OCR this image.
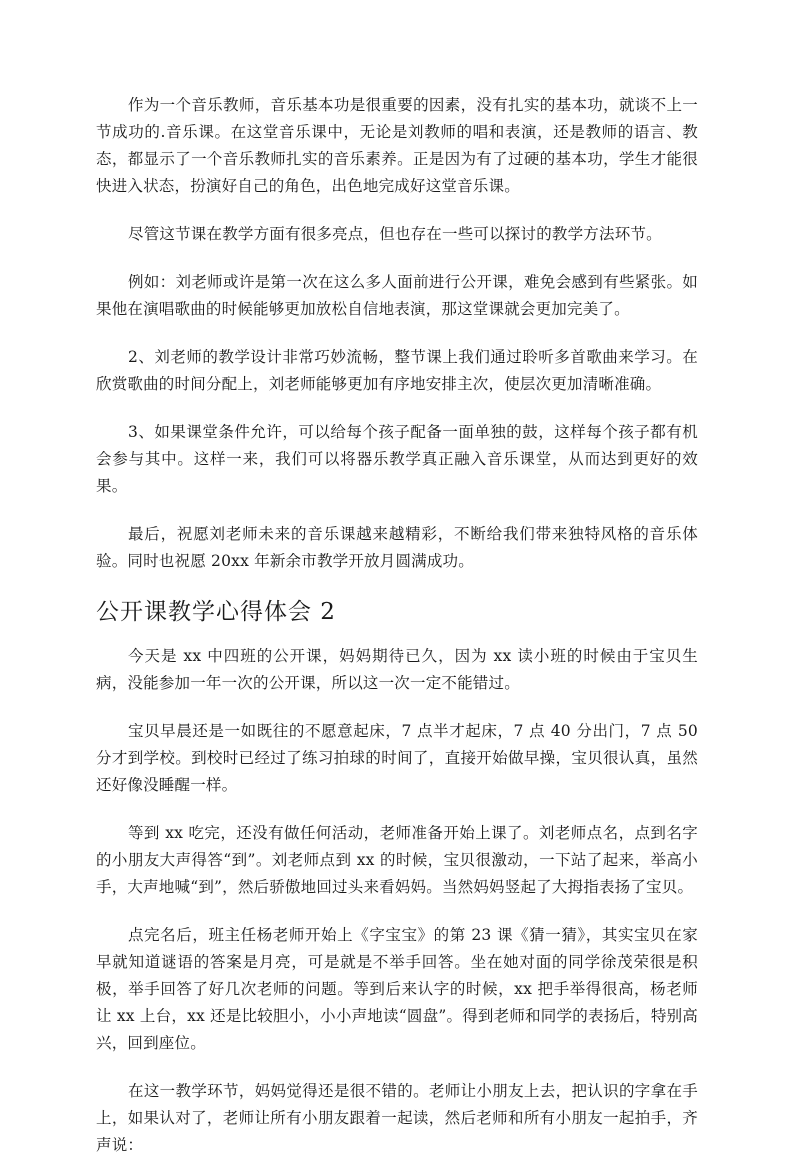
作为一个音乐教师，音乐基本功是很重要的因素，没有扎实的基本功，就谈不上一节成功的.音乐课。在这堂音乐课中，无论是刘教师的唱和表演，还是教师的语言、教态，都显示了一个音乐教师扎实的音乐素养。正是因为有了过硬的基本功，学生才能很快进入状态，扮演好自己的角色，出色地完成好这堂音乐课。

尽管这节课在教学方面有很多亮点，但也存在一些可以探讨的教学方法环节。

例如：刘老师或许是第一次在这么多人面前进行公开课，难免会感到有些紧张。如果他在演唱歌曲的时候能够更加放松自信地表演，那这堂课就会更加完美了。

2、刘老师的教学设计非常巧妙流畅，整节课上我们通过聆听多首歌曲来学习。在欣赏歌曲的时间分配上，刘老师能够更加有序地安排主次，使层次更加清晰准确。

3、如果课堂条件允许，可以给每个孩子配备一面单独的鼓，这样每个孩子都有机会参与其中。这样一来，我们可以将器乐教学真正融入音乐课堂，从而达到更好的效果。

最后，祝愿刘老师未来的音乐课越来越精彩，不断给我们带来独特风格的音乐体验。同时也祝愿 20xx 年新余市教学开放月圆满成功。

公开课教学心得体会 2

今天是 xx 中四班的公开课，妈妈期待已久，因为 xx 读小班的时候由于宝贝生病，没能参加一年一次的公开课，所以这一次一定不能错过。

宝贝早晨还是一如既往的不愿意起床，7 点半才起床，7 点 40 分出门，7 点 50 分才到学校。到校时已经过了练习拍球的时间了，直接开始做早操，宝贝很认真，虽然还好像没睡醒一样。

等到 xx 吃完，还没有做任何活动，老师准备开始上课了。刘老师点名，点到名字的小朋友大声得答“到”。刘老师点到 xx 的时候，宝贝很激动，一下站了起来，举高小手，大声地喊“到”，然后骄傲地回过头来看妈妈。当然妈妈竖起了大拇指表扬了宝贝。

点完名后，班主任杨老师开始上《字宝宝》的第 23 课《猜一猜》，其实宝贝在家早就知道谜语的答案是月亮，可是就是不举手回答。坐在她对面的同学徐茂荣很是积极，举手回答了好几次老师的问题。等到后来认字的时候，xx 把手举得很高，杨老师让 xx 上台，xx 还是比较胆小，小小声地读“圆盘”。得到老师和同学的表扬后，特别高兴，回到座位。

在这一教学环节，妈妈觉得还是很不错的。老师让小朋友上去，把认识的字拿在手上，如果认对了，老师让所有小朋友跟着一起读，然后老师和所有小朋友一起拍手，齐声说：
